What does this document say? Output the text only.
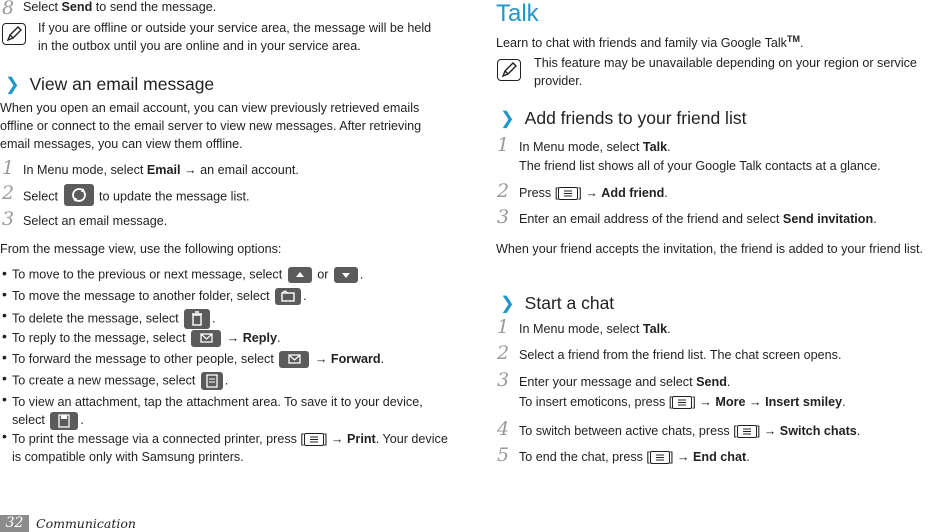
8 Select Send to send the message.
If you are offline or outside your service area, the message will be held in the outbox until you are online and in your service area.
❯ View an email message
When you open an email account, you can view previously retrieved emails offline or connect to the email server to view new messages. After retrieving email messages, you can view them offline.
1 In Menu mode, select Email → an email account.
2 Select	to update the message list.
3 Select an email message.
From the message view, use the following options:
• To move to the previous or next message, select
or
.
• To move the message to another folder, select
.
• To delete the message, select
.
• To reply to the message, select	→ Reply.
• To forward the message to other people, select	→ Forward.
• To create a new message, select
.
• To view an attachment, tap the attachment area. To save it to your device, select	.
• To print the message via a connected printer, press [ ] → Print. Your device is compatible only with Samsung printers.
Talk
Learn to chat with friends and family via Google Talk™.
This feature may be unavailable depending on your region or service provider.
❯ Add friends to your friend list
1 In Menu mode, select Talk.
The friend list shows all of your Google Talk contacts at a glance.
2 Press [ ] → Add friend.
3 Enter an email address of the friend and select Send invitation.
When your friend accepts the invitation, the friend is added to your friend list.
❯ Start a chat
1 In Menu mode, select Talk.
2 Select a friend from the friend list. The chat screen opens.
3 Enter your message and select Send.
To insert emoticons, press [ ] → More → Insert smiley.
4 To switch between active chats, press [ ] → Switch chats.
5 To end the chat, press [ ] → End chat.
32	Communication
